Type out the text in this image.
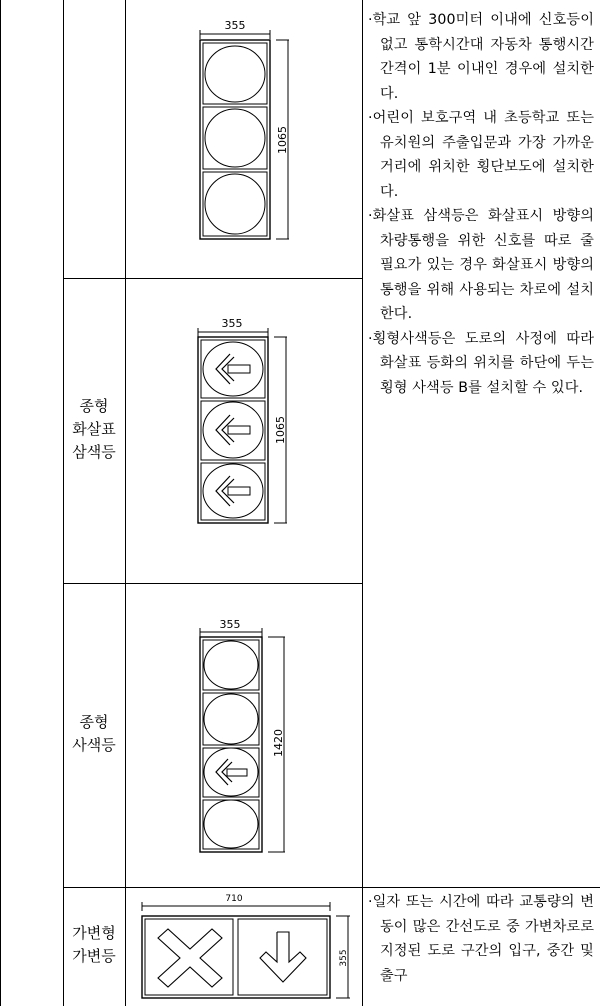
종형
화살표
삼색등
종형
사색등
가변형
가변등
355
1065
355
1065
355
1420
710
355

·학교 앞 300미터 이내에 신호등이 없고 통학시간대 자동차 통행시간 간격이 1분 이내인 경우에 설치한다.

·어린이 보호구역 내 초등학교 또는 유치원의 주출입문과 가장 가까운 거리에 위치한 횡단보도에 설치한다.

·화살표 삼색등은 화살표시 방향의 차량통행을 위한 신호를 따로 줄 필요가 있는 경우 화살표시 방향의 통행을 위해 사용되는 차로에 설치한다.

·횡형사색등은 도로의 사정에 따라 화살표 등화의 위치를 하단에 두는 횡형 사색등 B를 설치할 수 있다.

·일자 또는 시간에 따라 교통량의 변동이 많은 간선도로 중 가변차로로 지정된 도로 구간의 입구, 중간 및 출구
